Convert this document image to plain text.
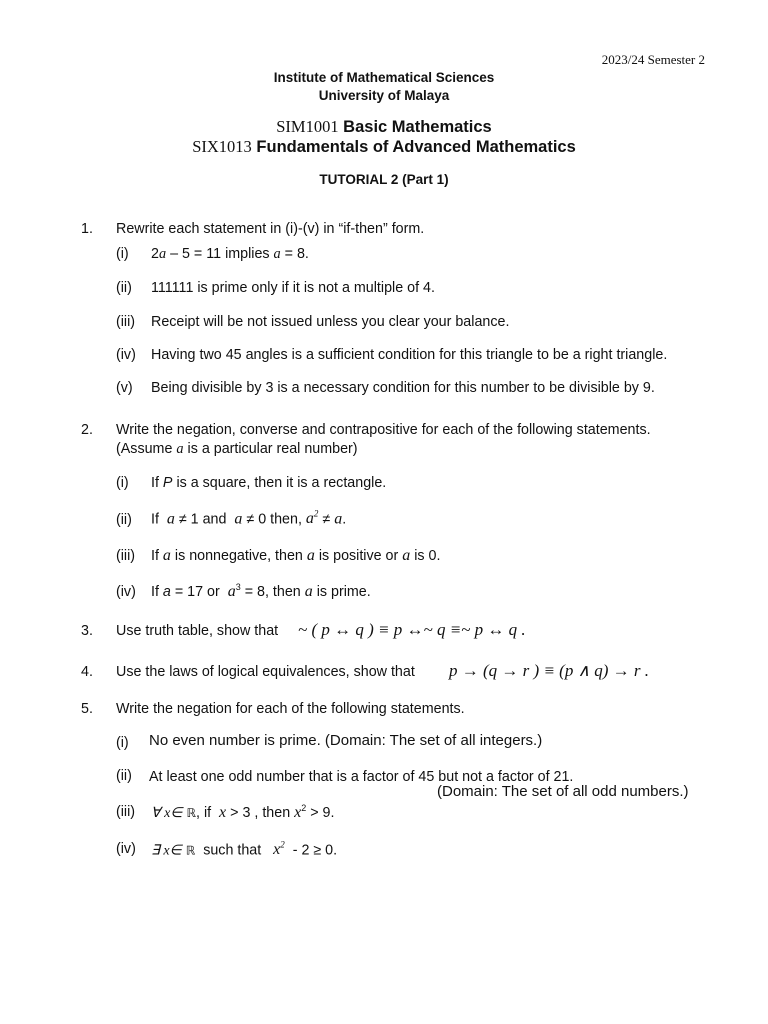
2023/24 Semester 2
Institute of Mathematical Sciences
University of Malaya
SIM1001 Basic Mathematics
SIX1013 Fundamentals of Advanced Mathematics
TUTORIAL 2 (Part 1)
1. Rewrite each statement in (i)-(v) in “if-then” form.
(i) 2a – 5 = 11 implies a = 8.
(ii) 111111 is prime only if it is not a multiple of 4.
(iii) Receipt will be not issued unless you clear your balance.
(iv) Having two 45 angles is a sufficient condition for this triangle to be a right triangle.
(v) Being divisible by 3 is a necessary condition for this number to be divisible by 9.
2. Write the negation, converse and contrapositive for each of the following statements.
(Assume a is a particular real number)
(i) If P is a square, then it is a rectangle.
(ii) If  a ≠ 1 and  a ≠ 0 then, $a^2 \ne a$.
(iii) If a is nonnegative, then a is positive or a is 0.
(iv) If a = 17 or  $a^3 = 8$, then a is prime.
3. Use truth table, show that ~ ( p ↔ q ) ≡ p ↔~ q ≡~ p ↔ q .
4. Use the laws of logical equivalences, show that p → (q → r ) ≡ (p ∧ q) → r .
5. Write the negation for each of the following statements.
(i) No even number is prime. (Domain: The set of all integers.)
(ii) At least one odd number that is a factor of 45 but not a factor of 21.
(Domain: The set of all odd numbers.)
(iii) ∀ x∈ ℝ, if  x > 3 , then $x^2 > 9$.
(iv) ∃ x∈ ℝ  such that   $x^2 - 2 \ge 0$.
